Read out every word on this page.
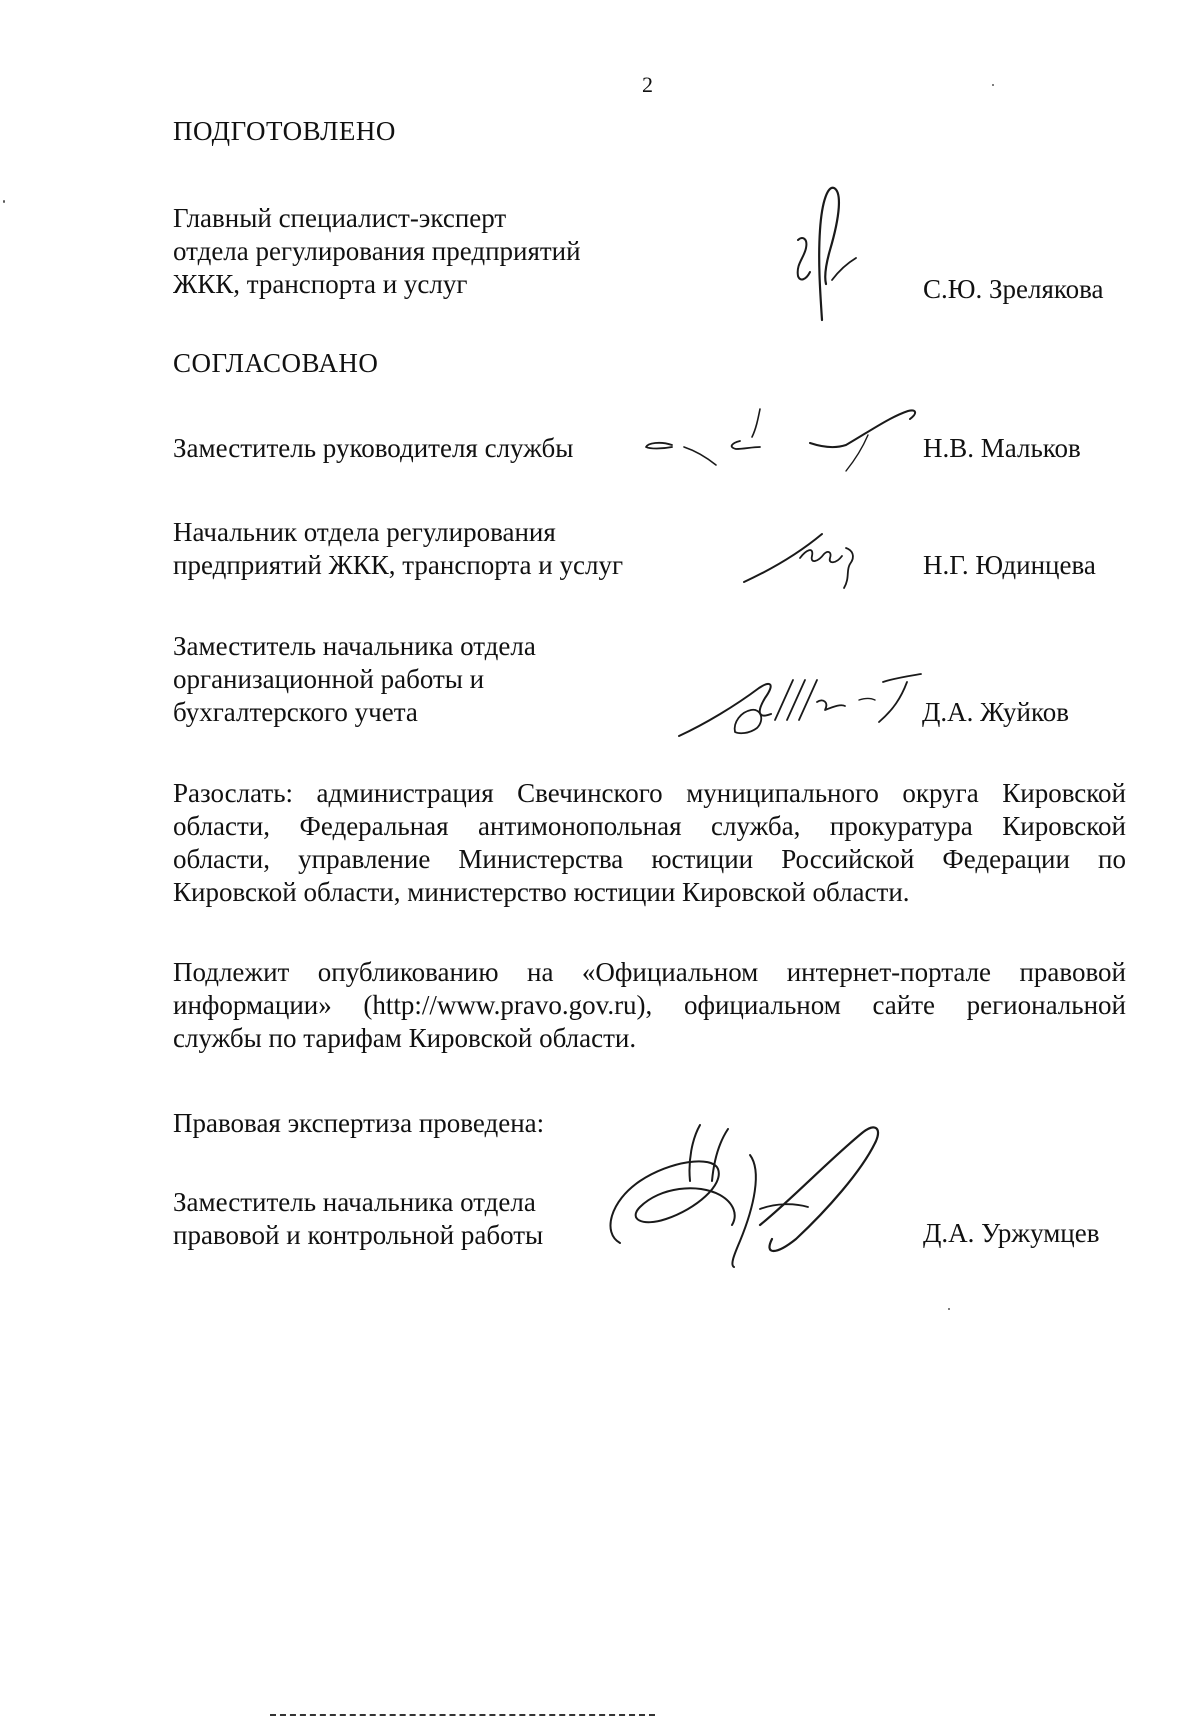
2
ПОДГОТОВЛЕНО
Главный специалист-эксперт
отдела регулирования предприятий
ЖКК, транспорта и услуг	С.Ю. Зрелякова
СОГЛАСОВАНО
Заместитель руководителя службы	Н.В. Мальков
Начальник отдела регулирования
предприятий ЖКК, транспорта и услуг	Н.Г. Юдинцева
Заместитель начальника отдела
организационной работы и
бухгалтерского учета	Д.А. Жуйков
Разослать: администрация Свечинского муниципального округа Кировской
области, Федеральная антимонопольная служба, прокуратура Кировской
области, управление Министерства юстиции Российской Федерации по
Кировской области, министерство юстиции Кировской области.
Подлежит опубликованию на «Официальном интернет-портале правовой
информации» (http://www.pravo.gov.ru), официальном сайте региональной
службы по тарифам Кировской области.
Правовая экспертиза проведена:
Заместитель начальника отдела
правовой и контрольной работы	Д.А. Уржумцев
